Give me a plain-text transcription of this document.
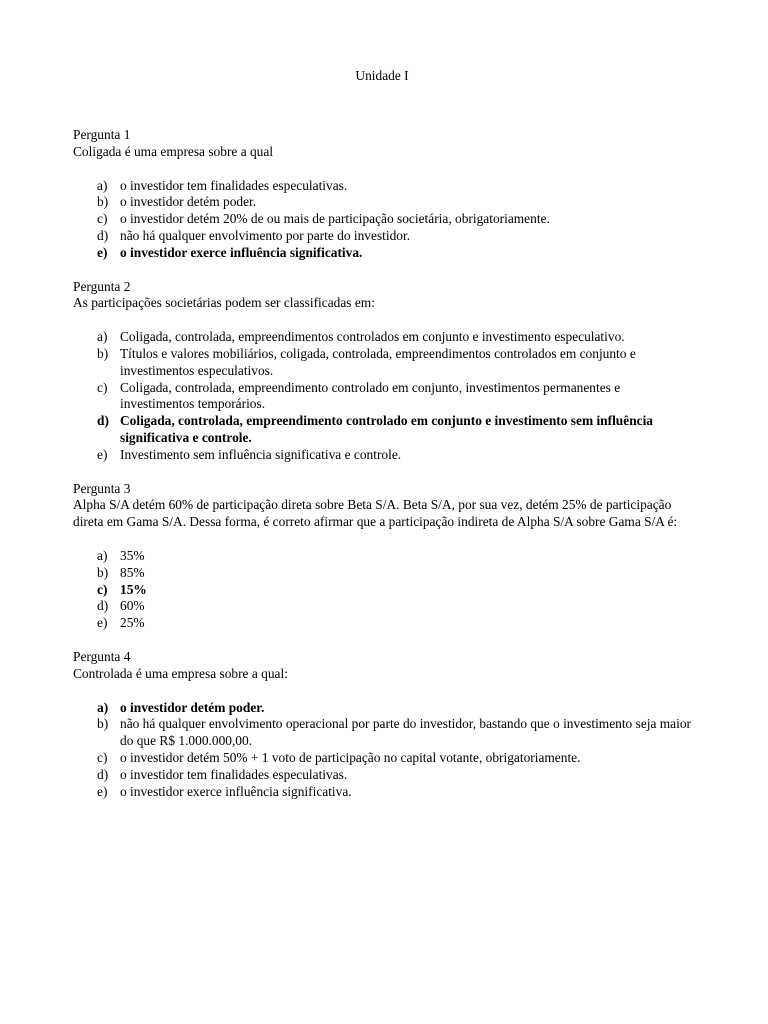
Unidade I

Pergunta 1

Coligada é uma empresa sobre a qual

a) o investidor tem finalidades especulativas.
b) o investidor detém poder.
c) o investidor detém 20% de ou mais de participação societária, obrigatoriamente.
d) não há qualquer envolvimento por parte do investidor.
e) o investidor exerce influência significativa.

Pergunta 2

As participações societárias podem ser classificadas em:

a) Coligada, controlada, empreendimentos controlados em conjunto e investimento especulativo.
b) Títulos e valores mobiliários, coligada, controlada, empreendimentos controlados em conjunto e investimentos especulativos.
c) Coligada, controlada, empreendimento controlado em conjunto, investimentos permanentes e investimentos temporários.
d) Coligada, controlada, empreendimento controlado em conjunto e investimento sem influência significativa e controle.
e) Investimento sem influência significativa e controle.

Pergunta 3

Alpha S/A detém 60% de participação direta sobre Beta S/A. Beta S/A, por sua vez, detém 25% de participação direta em Gama S/A. Dessa forma, é correto afirmar que a participação indireta de Alpha S/A sobre Gama S/A é:

a) 35%
b) 85%
c) 15%
d) 60%
e) 25%

Pergunta 4

Controlada é uma empresa sobre a qual:

a) o investidor detém poder.
b) não há qualquer envolvimento operacional por parte do investidor, bastando que o investimento seja maior do que R$ 1.000.000,00.
c) o investidor detém 50% + 1 voto de participação no capital votante, obrigatoriamente.
d) o investidor tem finalidades especulativas.
e) o investidor exerce influência significativa.
